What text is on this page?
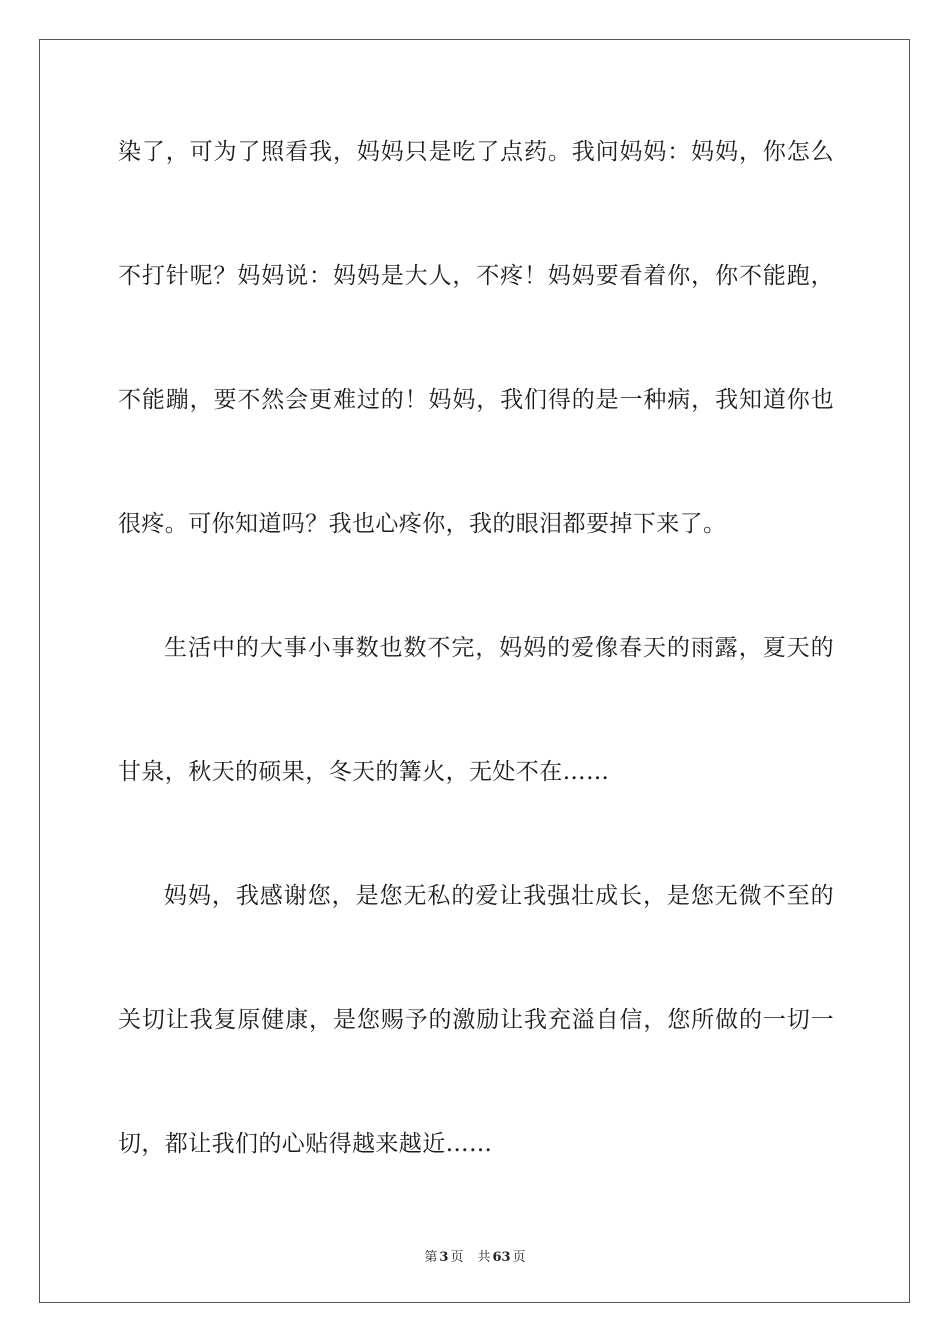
染了，可为了照看我，妈妈只是吃了点药。我问妈妈：妈妈，你怎么
不打针呢？妈妈说：妈妈是大人，不疼！妈妈要看着你，你不能跑，
不能蹦，要不然会更难过的！妈妈，我们得的是一种病，我知道你也
很疼。可你知道吗？我也心疼你，我的眼泪都要掉下来了。
生活中的大事小事数也数不完，妈妈的爱像春天的雨露，夏天的
甘泉，秋天的硕果，冬天的篝火，无处不在……
妈妈，我感谢您，是您无私的爱让我强壮成长，是您无微不至的
关切让我复原健康，是您赐予的激励让我充溢自信，您所做的一切一
切，都让我们的心贴得越来越近……
第 3 页 共 63 页
